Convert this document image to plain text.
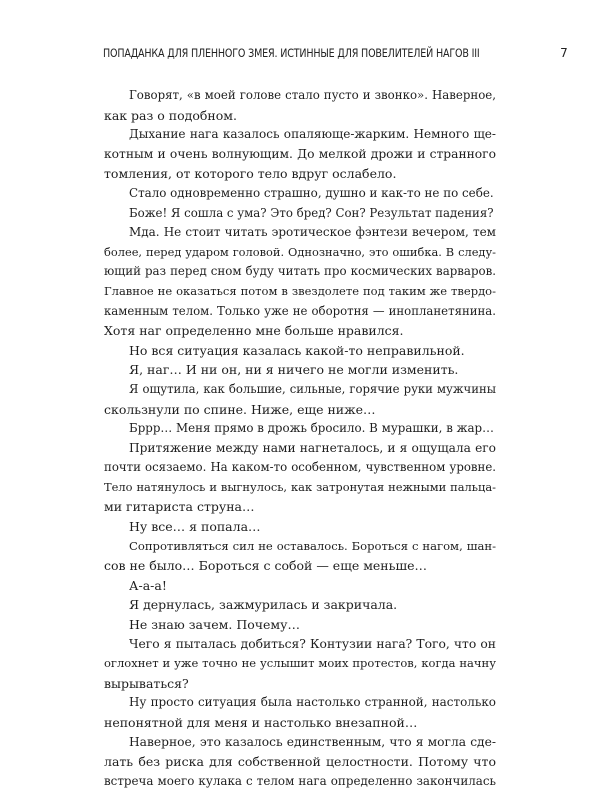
ПОПАДАНКА ДЛЯ ПЛЕННОГО ЗМЕЯ. ИСТИННЫЕ ДЛЯ ПОВЕЛИТЕЛЕЙ НАГОВ III	7
Говорят, «в моей голове стало пусто и звонко». Наверное,
как раз о подобном.
Дыхание нага казалось опаляюще-жарким. Немного ще-
котным и очень волнующим. До мелкой дрожи и странного
томления, от которого тело вдруг ослабело.
Стало одновременно страшно, душно и как-то не по себе.
Боже! Я сошла с ума? Это бред? Сон? Результат падения?
Мда. Не стоит читать эротическое фэнтези вечером, тем
более, перед ударом головой. Однозначно, это ошибка. В следу-
ющий раз перед сном буду читать про космических варваров.
Главное не оказаться потом в звездолете под таким же твердо-
каменным телом. Только уже не оборотня — инопланетянина.
Хотя наг определенно мне больше нравился.
Но вся ситуация казалась какой-то неправильной.
Я, наг… И ни он, ни я ничего не могли изменить.
Я ощутила, как большие, сильные, горячие руки мужчины
скользнули по спине. Ниже, еще ниже…
Бррр… Меня прямо в дрожь бросило. В мурашки, в жар…
Притяжение между нами нагнеталось, и я ощущала его
почти осязаемо. На каком-то особенном, чувственном уровне.
Тело натянулось и выгнулось, как затронутая нежными пальца-
ми гитариста струна…
Ну все… я попала…
Сопротивляться сил не оставалось. Бороться с нагом, шан-
сов не было… Бороться с собой — еще меньше…
А-а-а!
Я дернулась, зажмурилась и закричала.
Не знаю зачем. Почему…
Чего я пыталась добиться? Контузии нага? Того, что он
оглохнет и уже точно не услышит моих протестов, когда начну
вырываться?
Ну просто ситуация была настолько странной, настолько
непонятной для меня и настолько внезапной…
Наверное, это казалось единственным, что я могла сде-
лать без риска для собственной целостности. Потому что
встреча моего кулака с телом нага определенно закончилась
